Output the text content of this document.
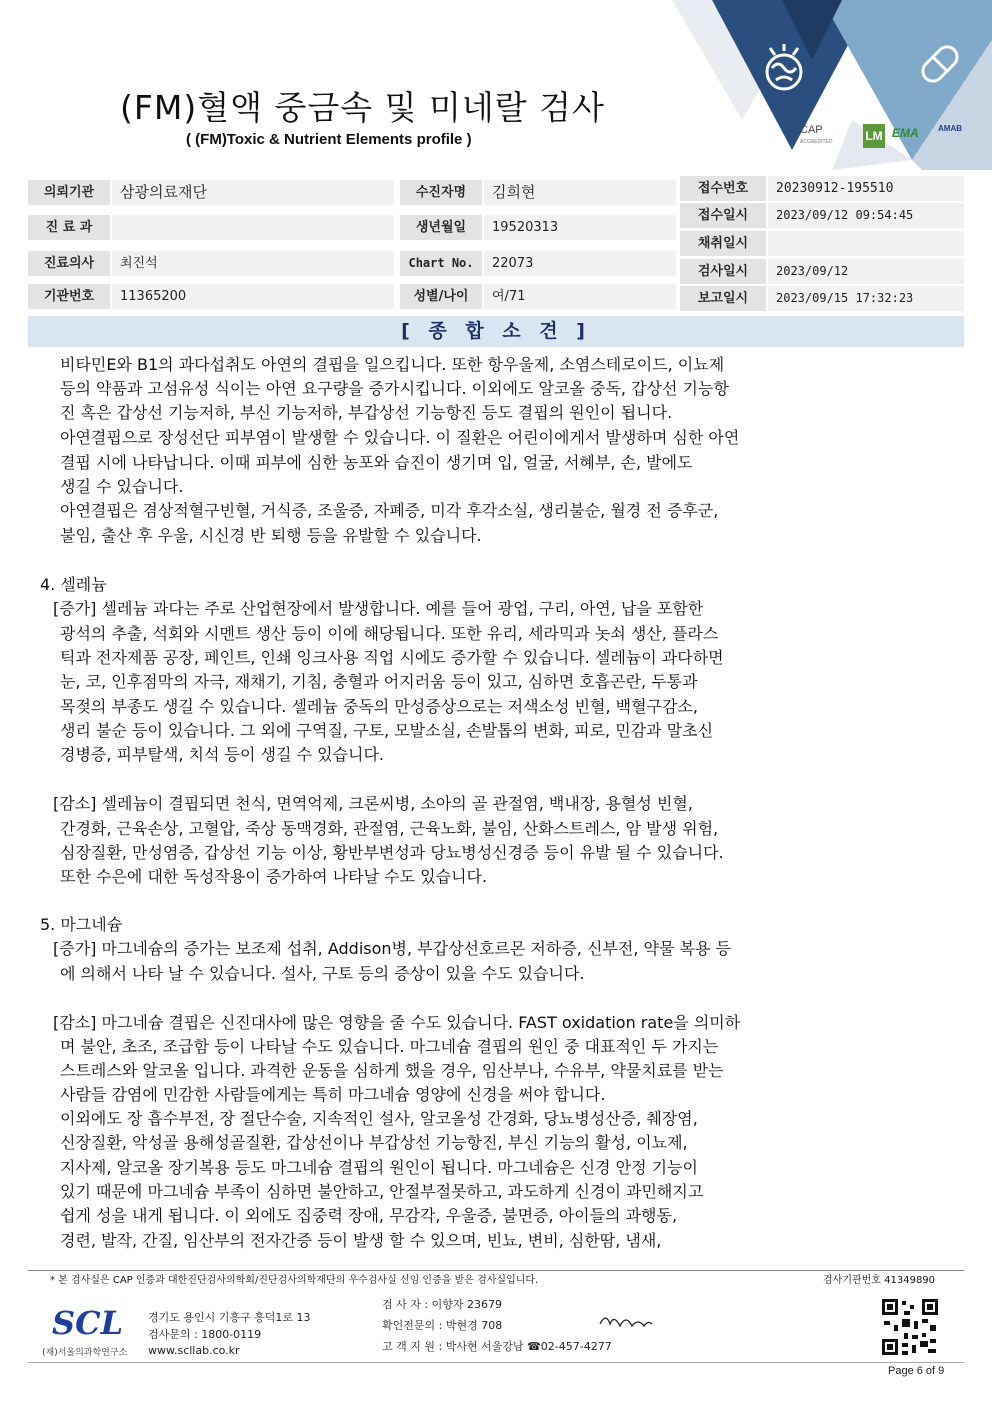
(FM)혈액 중금속 및 미네랄 검사
( (FM)Toxic & Nutrient Elements profile )
CAP
ACCREDITED	LM EMA AMAB
의뢰기관	삼광의료재단
진 료 과
진료의사	최진석
기관번호	11365200
수진자명	김희현
생년월일	19520313
Chart No.	22073
성별/나이	여/71
접수번호	20230912-195510
접수일시	2023/09/12 09:54:45
채취일시
검사일시	2023/09/12
보고일시	2023/09/15 17:32:23
[ 종 합 소 견 ]
비타민E와 B1의 과다섭취도 아연의 결핍을 일으킵니다. 또한 항우울제, 소염스테로이드, 이뇨제
등의 약품과 고섬유성 식이는 아연 요구량을 증가시킵니다. 이외에도 알코올 중독, 갑상선 기능항
진 혹은 갑상선 기능저하, 부신 기능저하, 부갑상선 기능항진 등도 결핍의 원인이 됩니다.
아연결핍으로 장성선단 피부염이 발생할 수 있습니다. 이 질환은 어린이에게서 발생하며 심한 아연
결핍 시에 나타납니다. 이때 피부에 심한 농포와 습진이 생기며 입, 얼굴, 서혜부, 손, 발에도
생길 수 있습니다.
아연결핍은 겸상적혈구빈혈, 거식증, 조울증, 자폐증, 미각 후각소실, 생리불순, 월경 전 증후군,
불임, 출산 후 우울, 시신경 반 퇴행 등을 유발할 수 있습니다.
4. 셀레늄
[증가] 셀레늄 과다는 주로 산업현장에서 발생합니다. 예를 들어 광업, 구리, 아연, 납을 포함한
광석의 추출, 석회와 시멘트 생산 등이 이에 해당됩니다. 또한 유리, 세라믹과 놋쇠 생산, 플라스
틱과 전자제품 공장, 페인트, 인쇄 잉크사용 직업 시에도 증가할 수 있습니다. 셀레늄이 과다하면
눈, 코, 인후점막의 자극, 재채기, 기침, 충혈과 어지러움 등이 있고, 심하면 호흡곤란, 두통과
목젖의 부종도 생길 수 있습니다. 셀레늄 중독의 만성증상으로는 저색소성 빈혈, 백혈구감소,
생리 불순 등이 있습니다. 그 외에 구역질, 구토, 모발소실, 손발톱의 변화, 피로, 민감과 말초신
경병증, 피부탈색, 치석 등이 생길 수 있습니다.
[감소] 셀레늄이 결핍되면 천식, 면역억제, 크론씨병, 소아의 골 관절염, 백내장, 용혈성 빈혈,
간경화, 근육손상, 고혈압, 죽상 동맥경화, 관절염, 근육노화, 불임, 산화스트레스, 암 발생 위험,
심장질환, 만성염증, 갑상선 기능 이상, 황반부변성과 당뇨병성신경증 등이 유발 될 수 있습니다.
또한 수은에 대한 독성작용이 증가하여 나타날 수도 있습니다.
5. 마그네슘
[증가] 마그네슘의 증가는 보조제 섭취, Addison병, 부갑상선호르몬 저하증, 신부전, 약물 복용 등
에 의해서 나타 날 수 있습니다. 설사, 구토 등의 증상이 있을 수도 있습니다.
[감소] 마그네슘 결핍은 신진대사에 많은 영향을 줄 수도 있습니다. FAST oxidation rate을 의미하
며 불안, 초조, 조급함 등이 나타날 수도 있습니다. 마그네슘 결핍의 원인 중 대표적인 두 가지는
스트레스와 알코올 입니다. 과격한 운동을 심하게 했을 경우, 임산부나, 수유부, 약물치료를 받는
사람들 감염에 민감한 사람들에게는 특히 마그네슘 영양에 신경을 써야 합니다.
이외에도 장 흡수부전, 장 절단수술, 지속적인 설사, 알코올성 간경화, 당뇨병성산증, 췌장염,
신장질환, 악성골 용해성골질환, 갑상선이나 부갑상선 기능항진, 부신 기능의 활성, 이뇨제,
지사제, 알코올 장기복용 등도 마그네슘 결핍의 원인이 됩니다. 마그네슘은 신경 안정 기능이
있기 때문에 마그네슘 부족이 심하면 불안하고, 안절부절못하고, 과도하게 신경이 과민해지고
쉽게 성을 내게 됩니다. 이 외에도 집중력 장애, 무감각, 우울증, 불면증, 아이들의 과행동,
경련, 발작, 간질, 임산부의 전자간증 등이 발생 할 수 있으며, 빈뇨, 변비, 심한땀, 냄새,
* 본 검사실은 CAP 인증과 대한진단검사의학회/진단검사의학재단의 우수검사실 신임 인증을 받은 검사실입니다.	검사기관번호 41349890
SCL
(재)서울의과학연구소
경기도 용인시 기흥구 흥덕1로 13
검사문의 : 1800-0119
www.scllab.co.kr
검 사 자 : 이향자 23679
확인전문의 : 박현경 708
고 객 지 원 : 박사현 서울강남 ☎02-457-4277
Page 6 of 9
